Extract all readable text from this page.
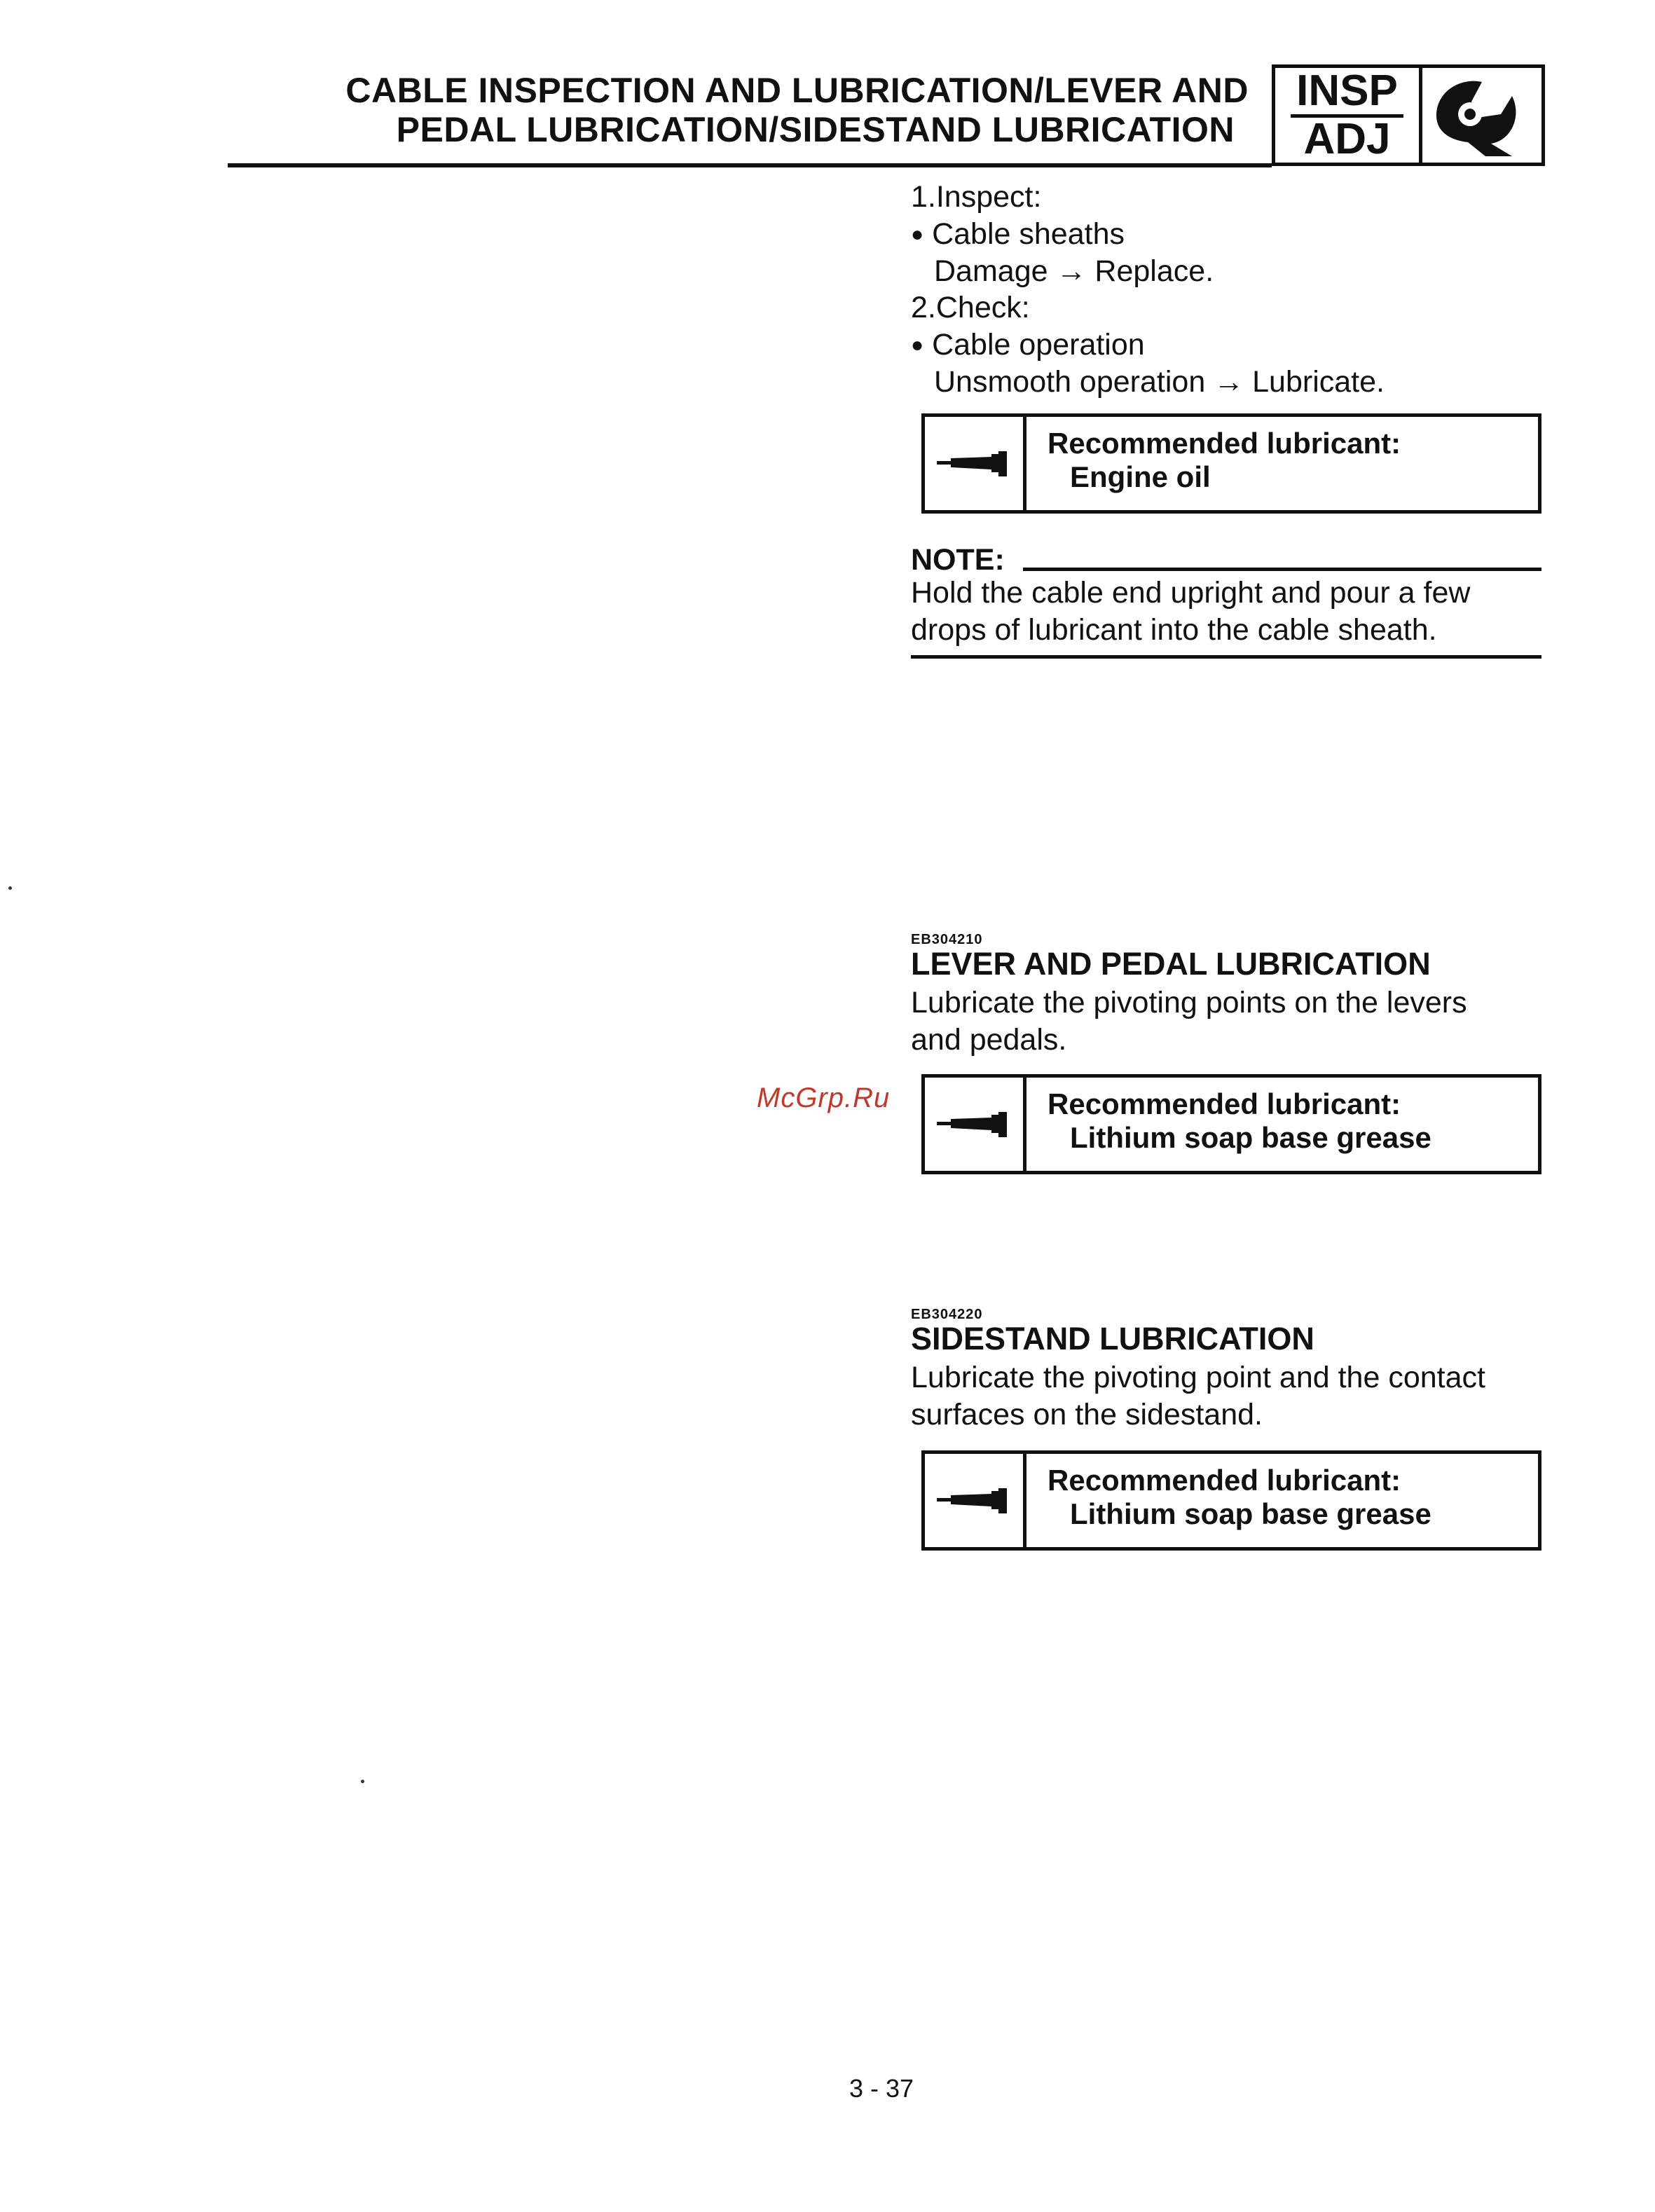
CABLE INSPECTION AND LUBRICATION/LEVER AND
PEDAL LUBRICATION/SIDESTAND LUBRICATION
INSP
ADJ
1.Inspect:
● Cable sheaths
Damage → Replace.
2.Check:
● Cable operation
Unsmooth operation → Lubricate.
Recommended lubricant:
Engine oil
NOTE:
Hold the cable end upright and pour a few
drops of lubricant into the cable sheath.
EB304210
LEVER AND PEDAL LUBRICATION
Lubricate the pivoting points on the levers
and pedals.
McGrp.Ru	Recommended lubricant:
Lithium soap base grease
EB304220
SIDESTAND LUBRICATION
Lubricate the pivoting point and the contact
surfaces on the sidestand.
Recommended lubricant:
Lithium soap base grease
3 - 37
